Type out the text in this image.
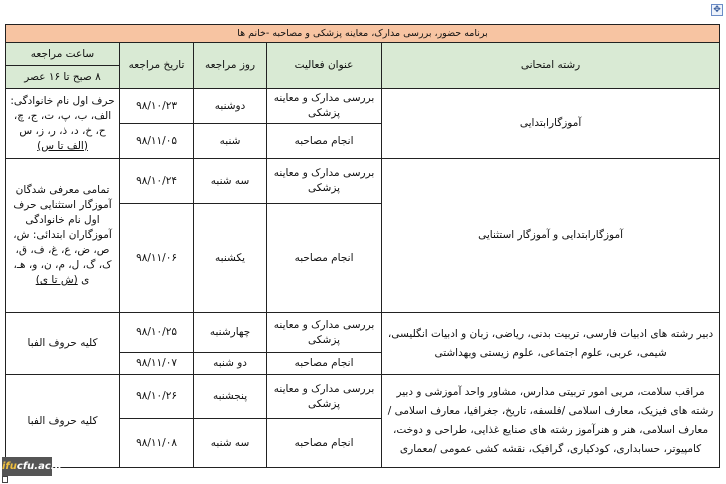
✥
برنامه حضور، بررسی مدارک، معاینه پزشکی و مصاحبه -خانم ها				
رشته امتحانی	عنوان فعالیت	روز مراجعه	تاریخ مراجعه	ساعت مراجعه
				۸ صبح تا ۱۶ عصر
آموزگارابتدایی	بررسی مدارک و معاینه پزشکی	دوشنبه	۹۸/۱۰/۲۳	حرف اول نام خانوادگی: الف، ب، پ، ت، ج، چ، ح، خ، د، ذ، ر، ز، س (الف تا س)
	انجام مصاحبه	شنبه	۹۸/۱۱/۰۵	
آموزگارابتدایی و آموزگار استثنایی	بررسی مدارک و معاینه پزشکی	سه شنبه	۹۸/۱۰/۲۴	تمامی معرفی شدگان آموزگار استثنایی حرف اول نام خانوادگی آموزگاران ابتدائی: ش، ص، ض، ع، غ، ف، ق، ک، گ، ل، م، ن، و، هـ، ی (ش تا ی)
	انجام مصاحبه	یکشنبه	۹۸/۱۱/۰۶	
دبیر رشته های ادبیات فارسی، تربیت بدنی، ریاضی، زبان و ادبیات انگلیسی، شیمی، عربی، علوم اجتماعی، علوم زیستی وبهداشتی	بررسی مدارک و معاینه پزشکی	چهارشنبه	۹۸/۱۰/۲۵	کلیه حروف الفبا
	انجام مصاحبه	دو شنبه	۹۸/۱۱/۰۷	
مراقب سلامت، مربی امور تربیتی مدارس، مشاور واحد آموزشی و دبیر رشته های فیزیک، معارف اسلامی /فلسفه، تاریخ، جغرافیا، معارف اسلامی /معارف اسلامی، هنر و هنرآموز رشته های صنایع غذایی، طراحی و دوخت، کامپیوتر، حسابداری، کودکیاری، گرافیک، نقشه کشی عمومی /معماری	بررسی مدارک و معاینه پزشکی	پنجشنبه	۹۸/۱۰/۲۶	کلیه حروف الفبا
	انجام مصاحبه	سه شنبه	۹۸/۱۱/۰۸	
ifucfu.ac.ir
